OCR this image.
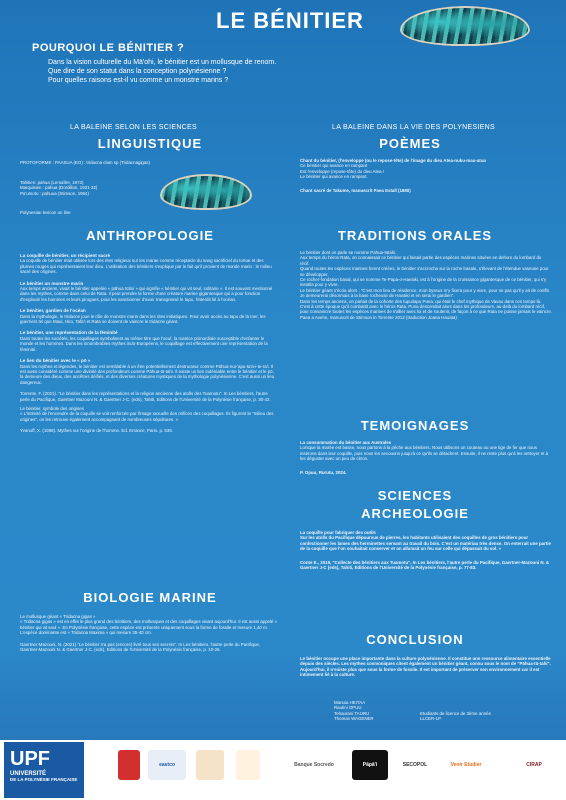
LE BÉNITIER
POURQUOI LE BÉNITIER ?
Dans la vision culturelle du Mā'ohi, le bénitier est un mollusque de renom.
Que dire de son statut dans la conception polynésienne ?
Pour quelles raisons est-il vu comme un monstre marins ?
LA BALEINE SELON LES SCIENCES	LA BALEINE DANS LA VIE DES POLYNESIENS
LINGUISTIQUE
PROTOFORME : PAASUA (EO) : tridacna clam sp (Tridacnagigas)
Tahitien: pahua (Lemaître, 1973)
Marquisien : pahua (Dordillon, 1931-32)
Pa'umotu : pahuua (Stimson, 1964)
Polynesian lexicon on line
ANTHROPOLOGIE
La coquille de bénitier, un récipient sacré
La coquille de bénitier était utilisée lors des rites religieux sur les marae comme réceptacle du sang sacrificiel du tortue et des plumes rouges qui représentaient leur dieu. L'utilisation des bénitiers s'explique par le fait qu'il provient de monde marin : le milieu sacré des origines.
Le bénitier un monstre marin
Aux temps anciens, vivait le bénitier appelée « pāhua tūtini » qui signifie « bénitier qui vit seul, solitaire ». Il est souvent mentionné dans les mythes, comme dans celui de Rata. Il peut prendre la forme d'une créature marine gigantesque qui a pour fonction d'engloutir les hommes et leurs pirogues, pour les sanctionner d'avoir transgressé le tapu, l'interdit lié à l'océan.
Le bénitier, gardien de l'océan
Dans la mythologie, le tridacne joue le rôle de monstre marin dans les rites initiatiques. Pour avoir accès au tapu de la mer, les guerriers tel que Maui, Hiro, Tafa'i et Rata se doivent de vaincre le tridacne géant.
Le bénitier, une représentation de la féminité
Dans toutes les sociétés, les coquillages symbolisent au même titre que l'oeuf, la matrice primordiale susceptible d'enfanter le monde et les hommes. Dans les innombrables mythes indo-Européens, le coquillage est effectivement une représentation de la féminité.
Le lien du bénitier avec le « pō »
Dans les mythes et légendes, le bénitier est semblable à un être potentiellement destructeur comme Pāhua-nui-'apu-ta'a-i-te-ra'i. Il est aussi considéré comme une divinité des profondeurs comme Pāhua-tū-tahi. Il existe un lien indéniable entre le bénitier et le pō, la demeure des dieux, des ancêtres déifiés, et des diverses créatures mystiques de la mythologie polynésienne. C'est aussi un lieu dangereux.
Torrente, F. (2021). "Le bénitier dans les représentations et la religion ancienne des atolls des Tuamotu". In Les bénitiers, l'autre perle du Pacifique, Gaertner Mazouni N. & Gaertner J-C. (eds), Tahiti, Editions de l'Université de la Polynésie française, p. 30-42.
Le bénitier, symbole des origines
« L'intimité de l'encendre de la coquille se voit renforcée par l'image sexuelle des orifices des coquillages. Ils figurent le "milieu des origines", on les retrouve également accompagnant de nombreuses sépultures. »
Yvanoff, X. (1998). Mythes sur l'origine de l'homme. Ed. Errance, Paris. p. 539.
BIOLOGIE MARINE
Le mollusque géant « Tridacna gigas »
« Tridacna gigas » est en effet le plus grand des bénitiers, des mollusques et des coquillages vivant aujourd'hui. Il est aussi appelé « bénitier qui vit seul ». En Polynésie française, cette espèce est présente uniquement sous la forme de fossile et mesure 1,40 m. L'espèce dominante est « Tridacna Maxima » qui mesure 35-40 cm.
Gaertner-Mazouni, N. (2021) "Le bénitier n'a pas (encore) livré tous ses secrets". In Les bénitiers, l'autre perle du Pacifique, Gaertner-Mazouni N. & Gaertner J-C. (eds), Editions de l'Université de la Polynésie française, p. 10-26.
POÈMES
Chant du bénitier, (l'enveloppe (ou le repose-tête) de l'image du dieu Atea-nuku-mau-atua
Ce bénitier qui avance en rampant
Est l'enveloppe (repose-tête) du dieu Atea !
Le bénitier qui avance en rampant.
Chant sacré de Takume, manuscrit Paea Estall (1880)
TRADITIONS ORALES
Le bénitier dont on parle se nomme Pahua-tūtahi.
Aux temps du héros Rata, on connaissait ce bénitier qui faisait partie des espèces marines situées en dehors du lombard du récif.
Quand toutes les espèces marines furent créées, le bénitier s'accrocha sur la roche basale, s'élevant de l'étendue vaseuse pour se développer.
Ce rocher-fondation basal, qui se nomme Te-Papa-o-Havaiki, est à l'origine de la croissance gigantesque de ce bénitier, qui s'y installa pour y vivre.
Le bénitier géant s'écria alors : "C'est mon lieu de résidence, mon byssus m'y fixera pour y vivre, pour ne pas qu'il y ait de conflit. Je demeurerai désormais à la base rocheuse de Havaiki et en serai le gardien".
Dans les temps anciens, on parlait de la cohorte des tupuitapu Puna, qui était le chef mythique de Vavau dans ces temps-là. C'est à cette époque qu'il combattit avec le héros Rata. Puna descendait alors dans les profondeurs, au-delà du lombard récif, pour convaincre toutes les espèces marines de s'allier avec lui et de soutenir, de façon à ce que Rata ne puisse jamais le vaincre.
Paea a Avehe, manuscrit de Stimson in Torrente 2012 (traduction Joana Hauata)
TEMOIGNAGES
La consommation du bénitier aux Australes
Lorsque la marée est basse, nous partons à la pêche aux bénitiers. Nous utilisons un couteau ou une tige de fer que nous insérons dans leur coquille, puis nous les secouons jusqu'à ce qu'ils se détachent. Ensuite, il ne reste plus qu'à les nettoyer et à les déguster avec un peu de citron.
P. Opuu, Rurutu, 2024.
SCIENCES
ARCHEOLOGIE
La coquille pour fabriquer des outils
Sur les atolls du Pacifique dépourvus de pierres, les habitants utilisaient des coquilles de gros bénitiers pour confectionner les lames des herminettes servant au travail du bois. C'est un matériau très dense. On enterrait une partie de la coquille que l'on souhaitait conserver et on allumait un feu sur celle qui dépassait du sol. »
Conte E., 2019, "Collecte des bénitiers aux Tuamotu", In Les bénitiers, l'autre perle du Pacifique, Gaertner-Mazouni N. & Gaertner J-C (eds), Tahiti, Editions de l'Université de la Polynésie française, p. 77-83.
CONCLUSION
Le bénitier occupe une place importante dans la culture polynésienne. Il constitue une ressource alimentaire essentielle depuis des siècles. Les mythes cosmoniques citent également un bénitier géant, connu sous le nom de "Pāhua-tū-tahi". Aujourd'hui, il n'existe plus que sous la forme de fossile. Il est important de préserver son environnement car il est intimement lié à la culture.
Manuia HEITAA
Rautini OPUU
Tehaurani TAURU
Thomas WAGENER
Etudiants de licence de 3ème année
LLCER-LP
eastco	Banque Socredo	Pāpā'i	SECOPOL	Venir Etudier	CIRAP
UPF
UNIVERSITÉ
DE LA POLYNÉSIE FRANÇAISE
